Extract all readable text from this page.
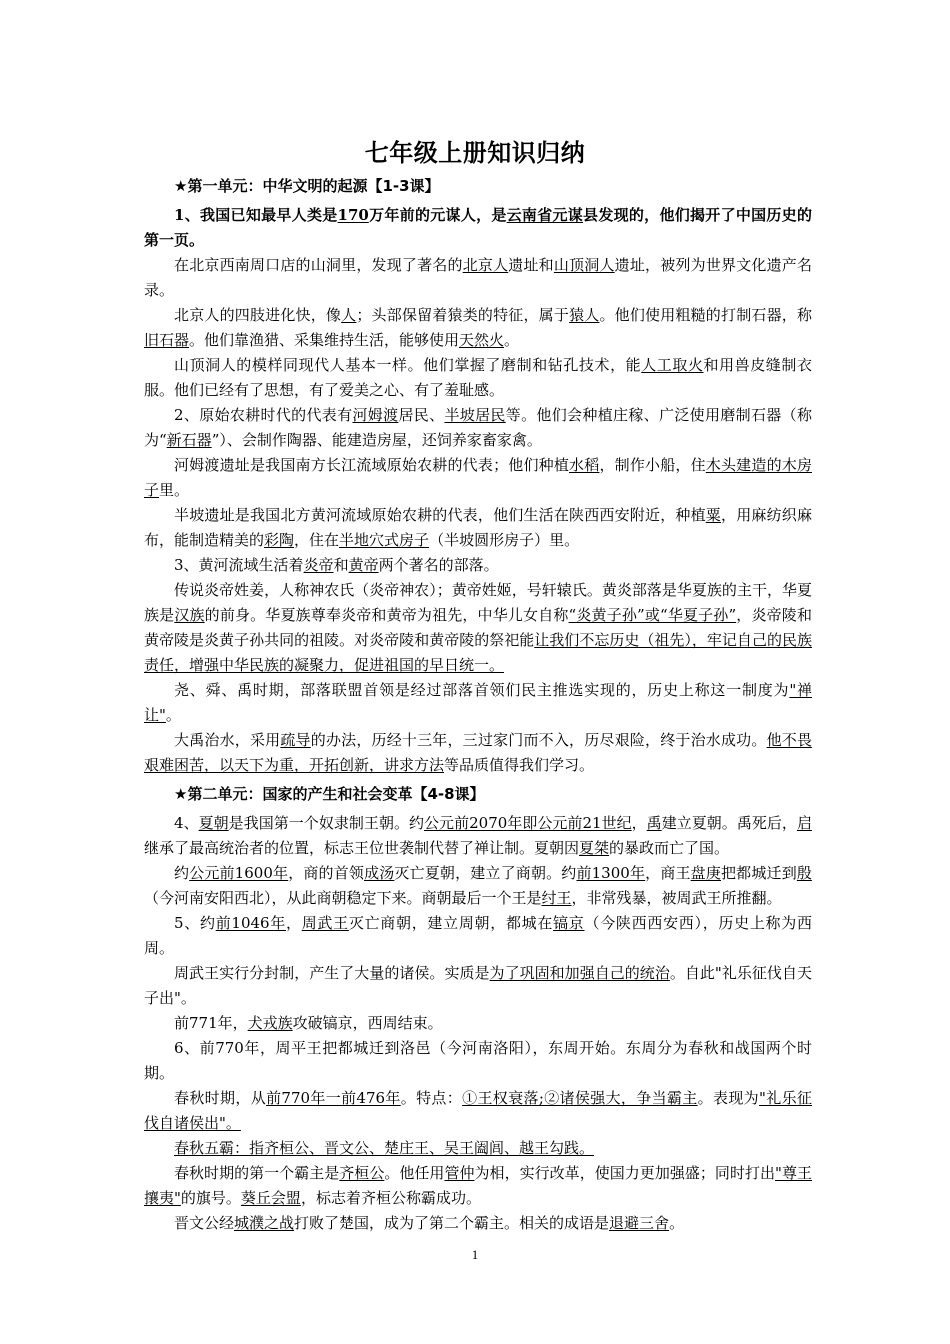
七年级上册知识归纳

★第一单元：中华文明的起源【1-3课】

1、我国已知最早人类是170万年前的元谋人，是云南省元谋县发现的，他们揭开了中国历史的第一页。

在北京西南周口店的山洞里，发现了著名的北京人遗址和山顶洞人遗址，被列为世界文化遗产名录。

北京人的四肢进化快，像人；头部保留着猿类的特征，属于猿人。他们使用粗糙的打制石器，称旧石器。他们靠渔猎、采集维持生活，能够使用天然火。

山顶洞人的模样同现代人基本一样。他们掌握了磨制和钻孔技术，能人工取火和用兽皮缝制衣服。他们已经有了思想，有了爱美之心、有了羞耻感。

2、原始农耕时代的代表有河姆渡居民、半坡居民等。他们会种植庄稼、广泛使用磨制石器（称为“新石器”）、会制作陶器、能建造房屋，还饲养家畜家禽。

河姆渡遗址是我国南方长江流域原始农耕的代表；他们种植水稻，制作小船，住木头建造的木房子里。

半坡遗址是我国北方黄河流域原始农耕的代表，他们生活在陕西西安附近，种植粟，用麻纺织麻布，能制造精美的彩陶，住在半地穴式房子（半坡圆形房子）里。

3、黄河流域生活着炎帝和黄帝两个著名的部落。

传说炎帝姓姜，人称神农氏（炎帝神农）；黄帝姓姬，号轩辕氏。黄炎部落是华夏族的主干，华夏族是汉族的前身。华夏族尊奉炎帝和黄帝为祖先，中华儿女自称“炎黄子孙”或“华夏子孙”，炎帝陵和黄帝陵是炎黄子孙共同的祖陵。对炎帝陵和黄帝陵的祭祀能让我们不忘历史（祖先），牢记自己的民族责任，增强中华民族的凝聚力，促进祖国的早日统一。

尧、舜、禹时期，部落联盟首领是经过部落首领们民主推选实现的，历史上称这一制度为"禅让"。

大禹治水，采用疏导的办法，历经十三年，三过家门而不入，历尽艰险，终于治水成功。他不畏艰难困苦，以天下为重，开拓创新，讲求方法等品质值得我们学习。

★第二单元：国家的产生和社会变革【4-8课】

4、夏朝是我国第一个奴隶制王朝。约公元前2070年即公元前21世纪，禹建立夏朝。禹死后，启继承了最高统治者的位置，标志王位世袭制代替了禅让制。夏朝因夏桀的暴政而亡了国。

约公元前1600年，商的首领成汤灭亡夏朝，建立了商朝。约前1300年，商王盘庚把都城迁到殷（今河南安阳西北），从此商朝稳定下来。商朝最后一个王是纣王，非常残暴，被周武王所推翻。

5、约前1046年，周武王灭亡商朝，建立周朝，都城在镐京（今陕西西安西），历史上称为西周。

周武王实行分封制，产生了大量的诸侯。实质是为了巩固和加强自己的统治。自此"礼乐征伐自天子出"。

前771年，犬戎族攻破镐京，西周结束。

6、前770年，周平王把都城迁到洛邑（今河南洛阳），东周开始。东周分为春秋和战国两个时期。

春秋时期，从前770年一前476年。特点：①王权衰落;②诸侯强大，争当霸主。表现为"礼乐征伐自诸侯出"。

春秋五霸：指齐桓公、晋文公、楚庄王、吴王阖闾、越王勾践。

春秋时期的第一个霸主是齐桓公。他任用管仲为相，实行改革，使国力更加强盛；同时打出"尊王攘夷"的旗号。葵丘会盟，标志着齐桓公称霸成功。

晋文公经城濮之战打败了楚国，成为了第二个霸主。相关的成语是退避三舍。

1
